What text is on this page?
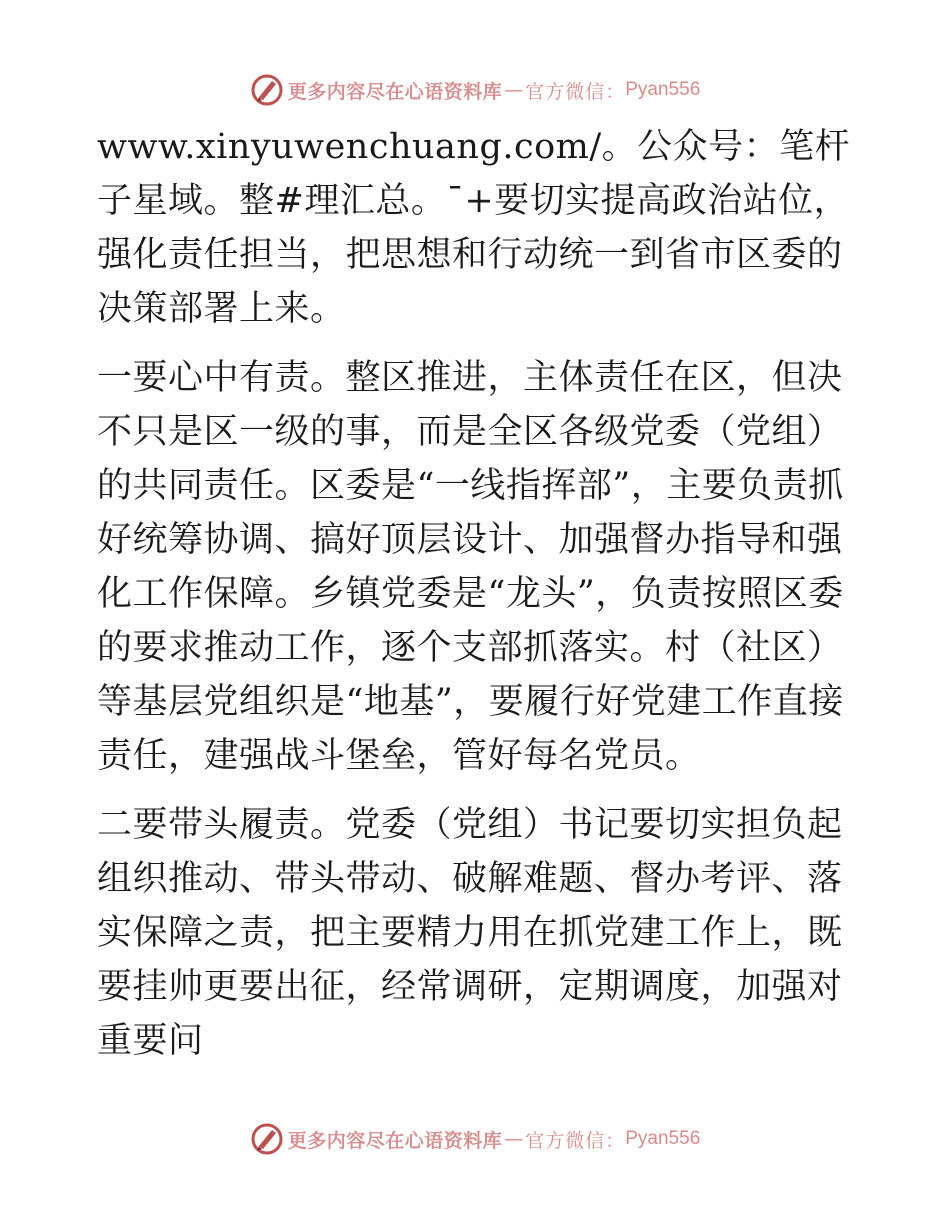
更多内容尽在心语资料库 — 官方微信： Pyan556

www.xinyuwenchuang.com/。公众号：笔杆子星域。整#理汇总。¯+要切实提高政治站位，强化责任担当，把思想和行动统一到省市区委的决策部署上来。

一要心中有责。整区推进，主体责任在区，但决不只是区一级的事，而是全区各级党委（党组）的共同责任。区委是“一线指挥部”，主要负责抓好统筹协调、搞好顶层设计、加强督办指导和强化工作保障。乡镇党委是“龙头”，负责按照区委的要求推动工作，逐个支部抓落实。村（社区）等基层党组织是“地基”，要履行好党建工作直接责任，建强战斗堡垒，管好每名党员。

二要带头履责。党委（党组）书记要切实担负起组织推动、带头带动、破解难题、督办考评、落实保障之责，把主要精力用在抓党建工作上，既要挂帅更要出征，经常调研，定期调度，加强对重要问

更多内容尽在心语资料库 — 官方微信： Pyan556
